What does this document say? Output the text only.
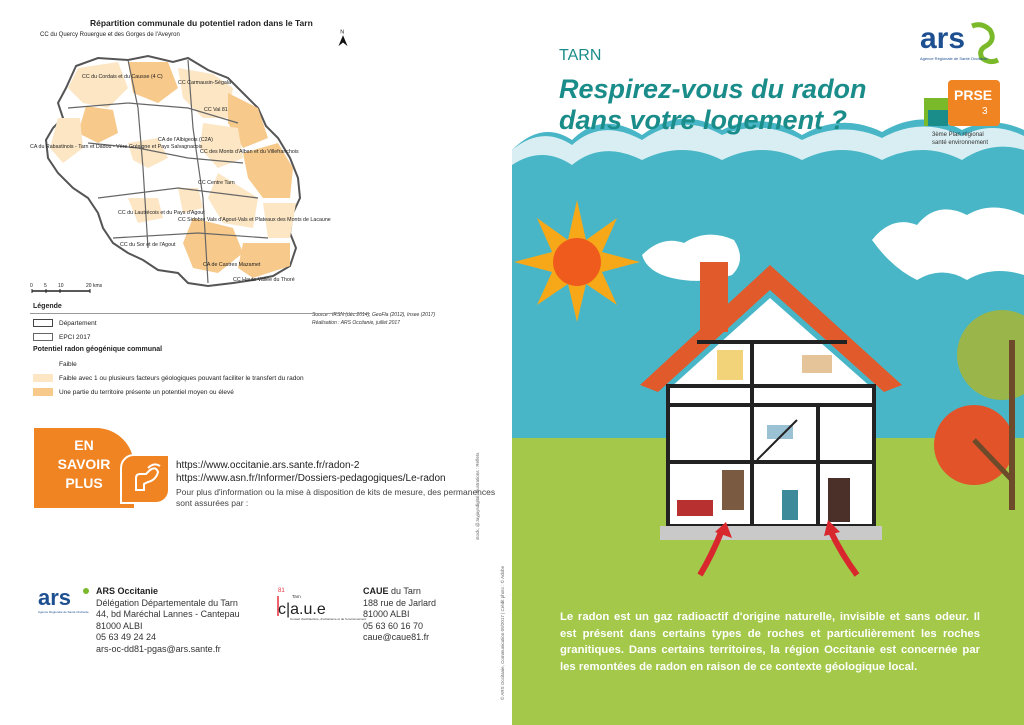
Répartition communale du potentiel radon dans le Tarn
CC du Quercy Rouergue et des Gorges de l'Aveyron	N
CC du Cordais et du Causse (4 C)
CC Carmausin-Ségala
CC Val 81
CA de l'Albigeois (C2A)
CA du Rabastinois - Tarn et Dadou - Vère Grésigne et Pays Salvagnacois
CC des Monts d'Alban et du Villefranchois
CC Centre Tarn
CC du Lautrécois et du Pays d'Agout
CC Sidobre Vals d'Agout-Vals et Plateaux des Monts de Lacaune
CC du Sor et de l'Agout
CA de Castres Mazamet
CC Haute Vallée du Thoré
0 5 10	20 kms
Source : IRSN (déc 2014), GeoFla (2012), Insee (2017)
Réalisation : ARS Occitanie, juillet 2017
Légende
Département
EPCI 2017
Potentiel radon géogénique communal
Faible
Faible avec 1 ou plusieurs facteurs géologiques pouvant faciliter le transfert du radon
Une partie du territoire présente un potentiel moyen ou élevé
EN
SAVOIR
PLUS
https://www.occitanie.ars.sante.fr/radon-2
https://www.asn.fr/Informer/Dossiers-pedagogiques/Le-radon
Pour plus d'information ou la mise à disposition de kits de mesure, des permanences sont assurées par :
ars
Agence Régionale de Santé Occitanie
ARS Occitanie
Délégation Départementale du Tarn
44, bd Maréchal Lannes - Cantepau
81000 ALBI
05 63 49 24 24
ars-oc-dd81-pgas@ars.sante.fr
81
Tarn
c|a.u.e
Conseil d'architecture, d'urbanisme et de l'environnement
CAUE du Tarn
188 rue de Jarlard
81000 ALBI
05 63 60 16 70
caue@caue81.fr
stock, @Jayjaysdigital, Illustrations : Reflets
© ARS Occitanie, Communication 09/2017 | Crédit photo : © Adobe
TARN
Respirez-vous du radon
dans votre logement ?
ars
Agence Régionale de Santé Occitanie
PRSE
3
3ème Plan régional
santé environnement
Le radon est un gaz radioactif d'origine naturelle, invisible et sans odeur. Il est présent dans certains types de roches et particulièrement les roches granitiques. Dans certains territoires, la région Occitanie est concernée par les remontées de radon en raison de ce contexte géologique local.
